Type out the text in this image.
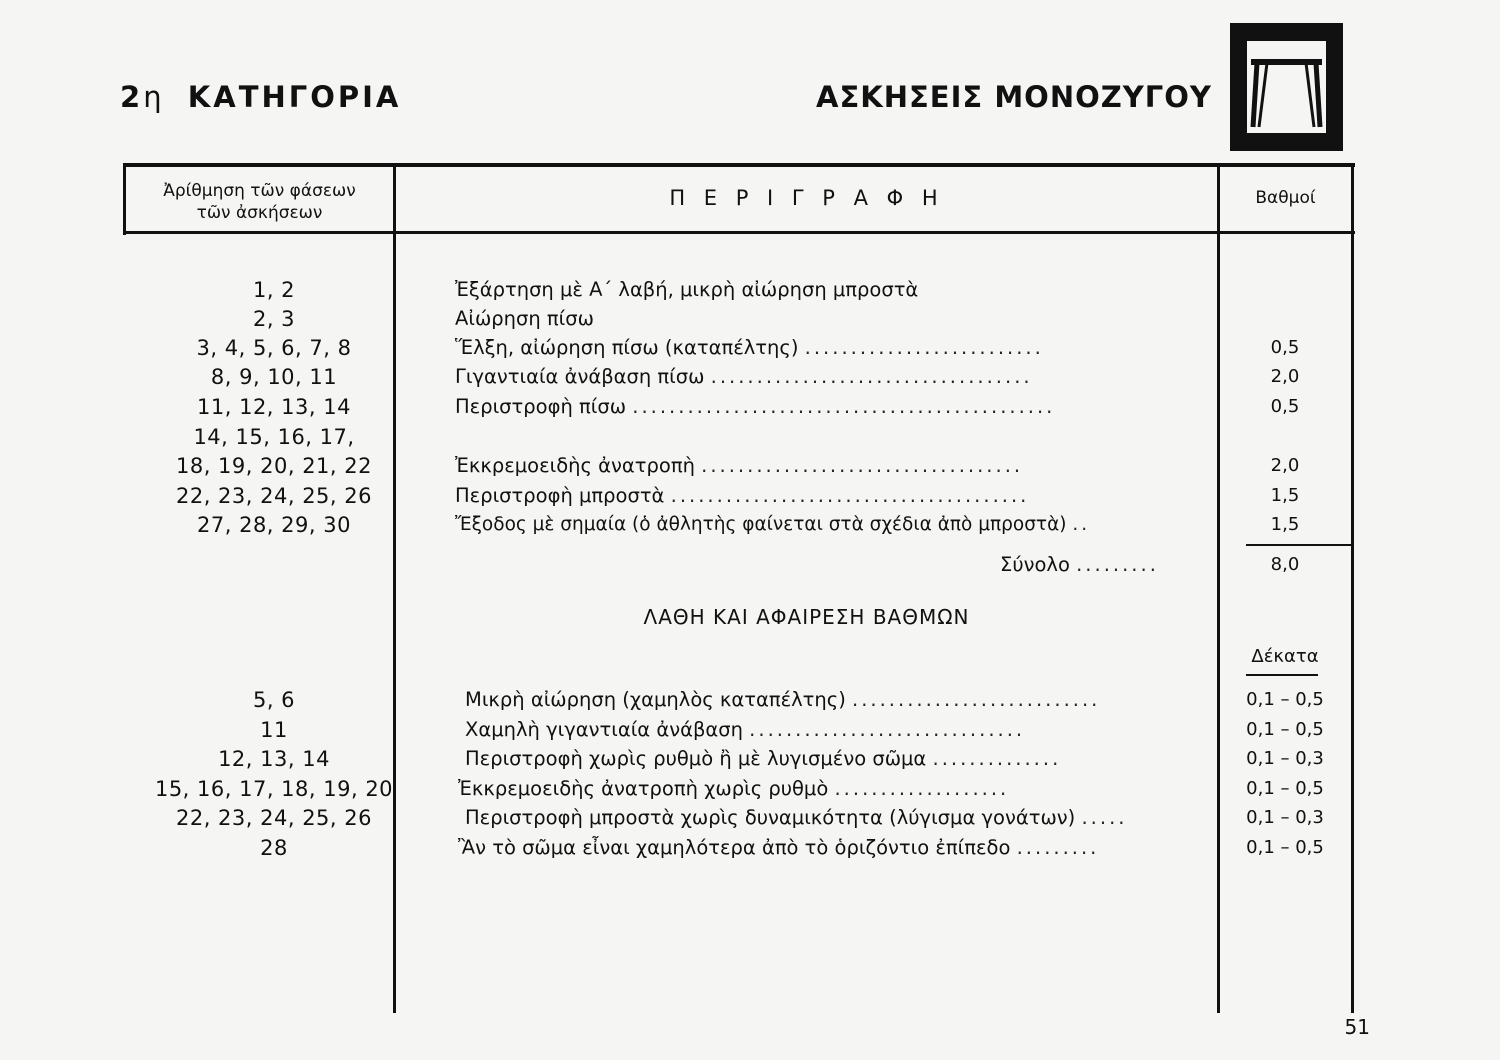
2η ΚΑΤΗΓΟΡΙΑ	ΑΣΚΗΣΕΙΣ ΜΟΝΟΖΥΓΟΥ
Ἀρίθμηση τῶν φάσεων
τῶν ἀσκήσεων
Π Ε Ρ Ι Γ Ρ Α Φ Η	Βαθμοί
1, 2	Ἐξάρτηση μὲ Α΄ λαβή, μικρὴ αἰώρηση μπροστὰ
2, 3	Αἰώρηση πίσω
3, 4, 5, 6, 7, 8	Ἕλξη, αἰώρηση πίσω (καταπέλτης) ..........................	0,5
8, 9, 10, 11	Γιγαντιαία ἀνάβαση πίσω ...................................	2,0
11, 12, 13, 14	Περιστροφὴ πίσω ..............................................	0,5
14, 15, 16, 17,
18, 19, 20, 21, 22	Ἐκκρεμοειδὴς ἀνατροπὴ ...................................	2,0
22, 23, 24, 25, 26	Περιστροφὴ μπροστὰ .......................................	1,5
27, 28, 29, 30	Ἔξοδος μὲ σημαία (ὁ ἀθλητὴς φαίνεται στὰ σχέδια ἀπὸ μπροστὰ) ..	1,5
Σύνολο .........	8,0
ΛΑΘΗ ΚΑΙ ΑΦΑΙΡΕΣΗ ΒΑΘΜΩΝ
Δέκατα
5, 6	Μικρὴ αἰώρηση (χαμηλὸς καταπέλτης) ...........................	0,1 – 0,5
11	Χαμηλὴ γιγαντιαία ἀνάβαση ..............................	0,1 – 0,5
12, 13, 14	Περιστροφὴ χωρὶς ρυθμὸ ἢ μὲ λυγισμένο σῶμα ..............	0,1 – 0,3
15, 16, 17, 18, 19, 20	Ἐκκρεμοειδὴς ἀνατροπὴ χωρὶς ρυθμὸ ...................	0,1 – 0,5
22, 23, 24, 25, 26	Περιστροφὴ μπροστὰ χωρὶς δυναμικότητα (λύγισμα γονάτων) .....	0,1 – 0,3
28	Ἂν τὸ σῶμα εἶναι χαμηλότερα ἀπὸ τὸ ὁριζόντιο ἐπίπεδο .........	0,1 – 0,5
51
